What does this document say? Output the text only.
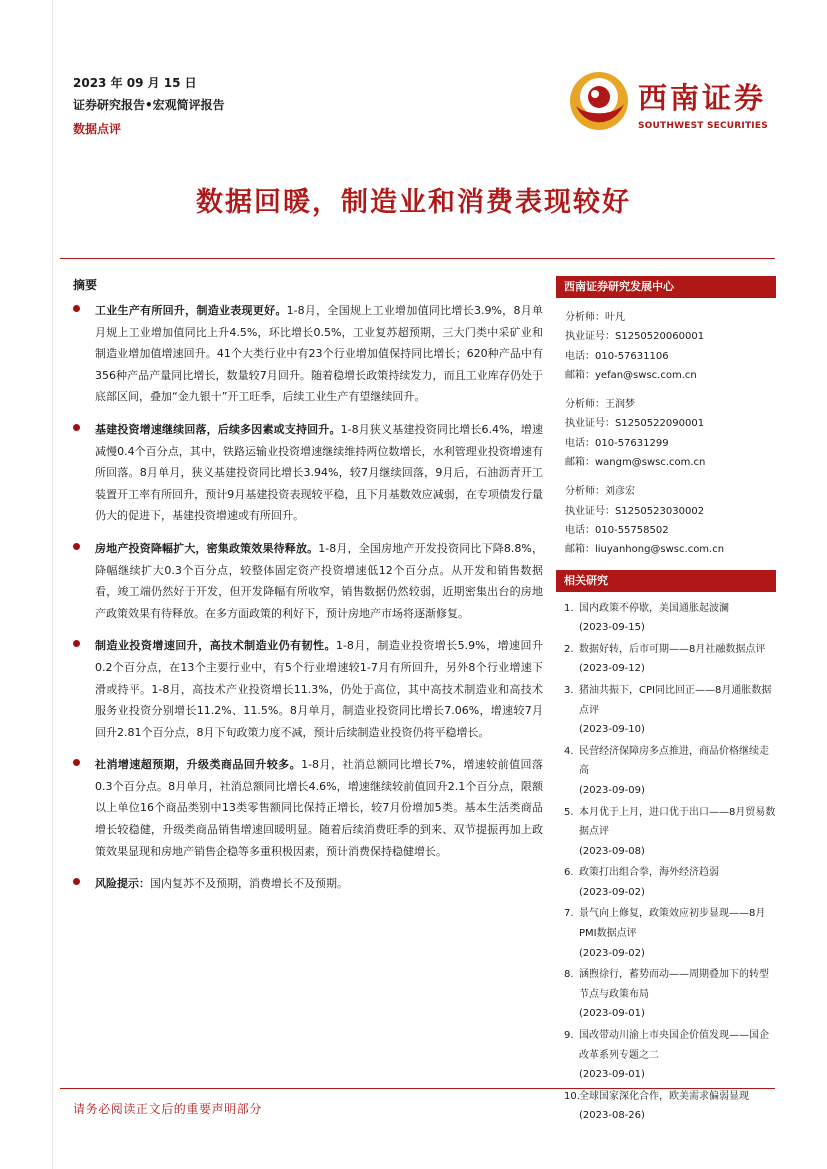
2023 年 09 月 15 日
证券研究报告•宏观简评报告
数据点评
西南证券
SOUTHWEST SECURITIES
数据回暖，制造业和消费表现较好
摘要
工业生产有所回升，制造业表现更好。1-8月，全国规上工业增加值同比增长3.9%，8月单月规上工业增加值同比上升4.5%，环比增长0.5%，工业复苏超预期，三大门类中采矿业和制造业增加值增速回升。41个大类行业中有23个行业增加值保持同比增长；620种产品中有356种产品产量同比增长，数量较7月回升。随着稳增长政策持续发力，而且工业库存仍处于底部区间，叠加“金九银十”开工旺季，后续工业生产有望继续回升。
基建投资增速继续回落，后续多因素或支持回升。1-8月狭义基建投资同比增长6.4%，增速减慢0.4个百分点，其中，铁路运输业投资增速继续维持两位数增长，水利管理业投资增速有所回落。8月单月，狭义基建投资同比增长3.94%，较7月继续回落，9月后，石油沥青开工装置开工率有所回升，预计9月基建投资表现较平稳，且下月基数效应减弱，在专项债发行量仍大的促进下，基建投资增速或有所回升。
房地产投资降幅扩大，密集政策效果待释放。1-8月，全国房地产开发投资同比下降8.8%，降幅继续扩大0.3个百分点，较整体固定资产投资增速低12个百分点。从开发和销售数据看，竣工端仍然好于开发，但开发降幅有所收窄，销售数据仍然较弱，近期密集出台的房地产政策效果有待释放。在多方面政策的利好下，预计房地产市场将逐渐修复。
制造业投资增速回升，高技术制造业仍有韧性。1-8月，制造业投资增长5.9%，增速回升0.2个百分点，在13个主要行业中，有5个行业增速较1-7月有所回升，另外8个行业增速下滑或持平。1-8月，高技术产业投资增长11.3%，仍处于高位，其中高技术制造业和高技术服务业投资分别增长11.2%、11.5%。8月单月，制造业投资同比增长7.06%，增速较7月回升2.81个百分点，8月下旬政策力度不减，预计后续制造业投资仍将平稳增长。
社消增速超预期，升级类商品回升较多。1-8月，社消总额同比增长7%，增速较前值回落0.3个百分点。8月单月，社消总额同比增长4.6%，增速继续较前值回升2.1个百分点，限额以上单位16个商品类别中13类零售额同比保持正增长，较7月份增加5类。基本生活类商品增长较稳健，升级类商品销售增速回暖明显。随着后续消费旺季的到来、双节提振再加上政策效果显现和房地产销售企稳等多重积极因素，预计消费保持稳健增长。
风险提示：国内复苏不及预期，消费增长不及预期。
西南证券研究发展中心
分析师：叶凡
执业证号：S1250520060001
电话：010-57631106
邮箱：yefan@swsc.com.cn
分析师：王润梦
执业证号：S1250522090001
电话：010-57631299
邮箱：wangm@swsc.com.cn
分析师：刘彦宏
执业证号：S1250523030002
电话：010-55758502
邮箱：liuyanhong@swsc.com.cn
相关研究
1. 国内政策不停歇，美国通胀起波澜
(2023-09-15)
2. 数据好转，后市可期——8月社融数据点评
(2023-09-12)
3. 猪油共振下，CPI同比回正——8月通胀数据点评
(2023-09-10)
4. 民营经济保障房多点推进，商品价格继续走高
(2023-09-09)
5. 本月优于上月，进口优于出口——8月贸易数据点评
(2023-09-08)
6. 政策打出组合拳，海外经济趋弱
(2023-09-02)
7. 景气向上修复，政策效应初步显现——8月PMI数据点评
(2023-09-02)
8. 涵煦徐行，蓄势而动——周期叠加下的转型节点与政策布局
(2023-09-01)
9. 国改带动川渝上市央国企价值发现——国企改革系列专题之二
(2023-09-01)
10. 全球国家深化合作，欧美需求偏弱显现
(2023-08-26)
请务必阅读正文后的重要声明部分
